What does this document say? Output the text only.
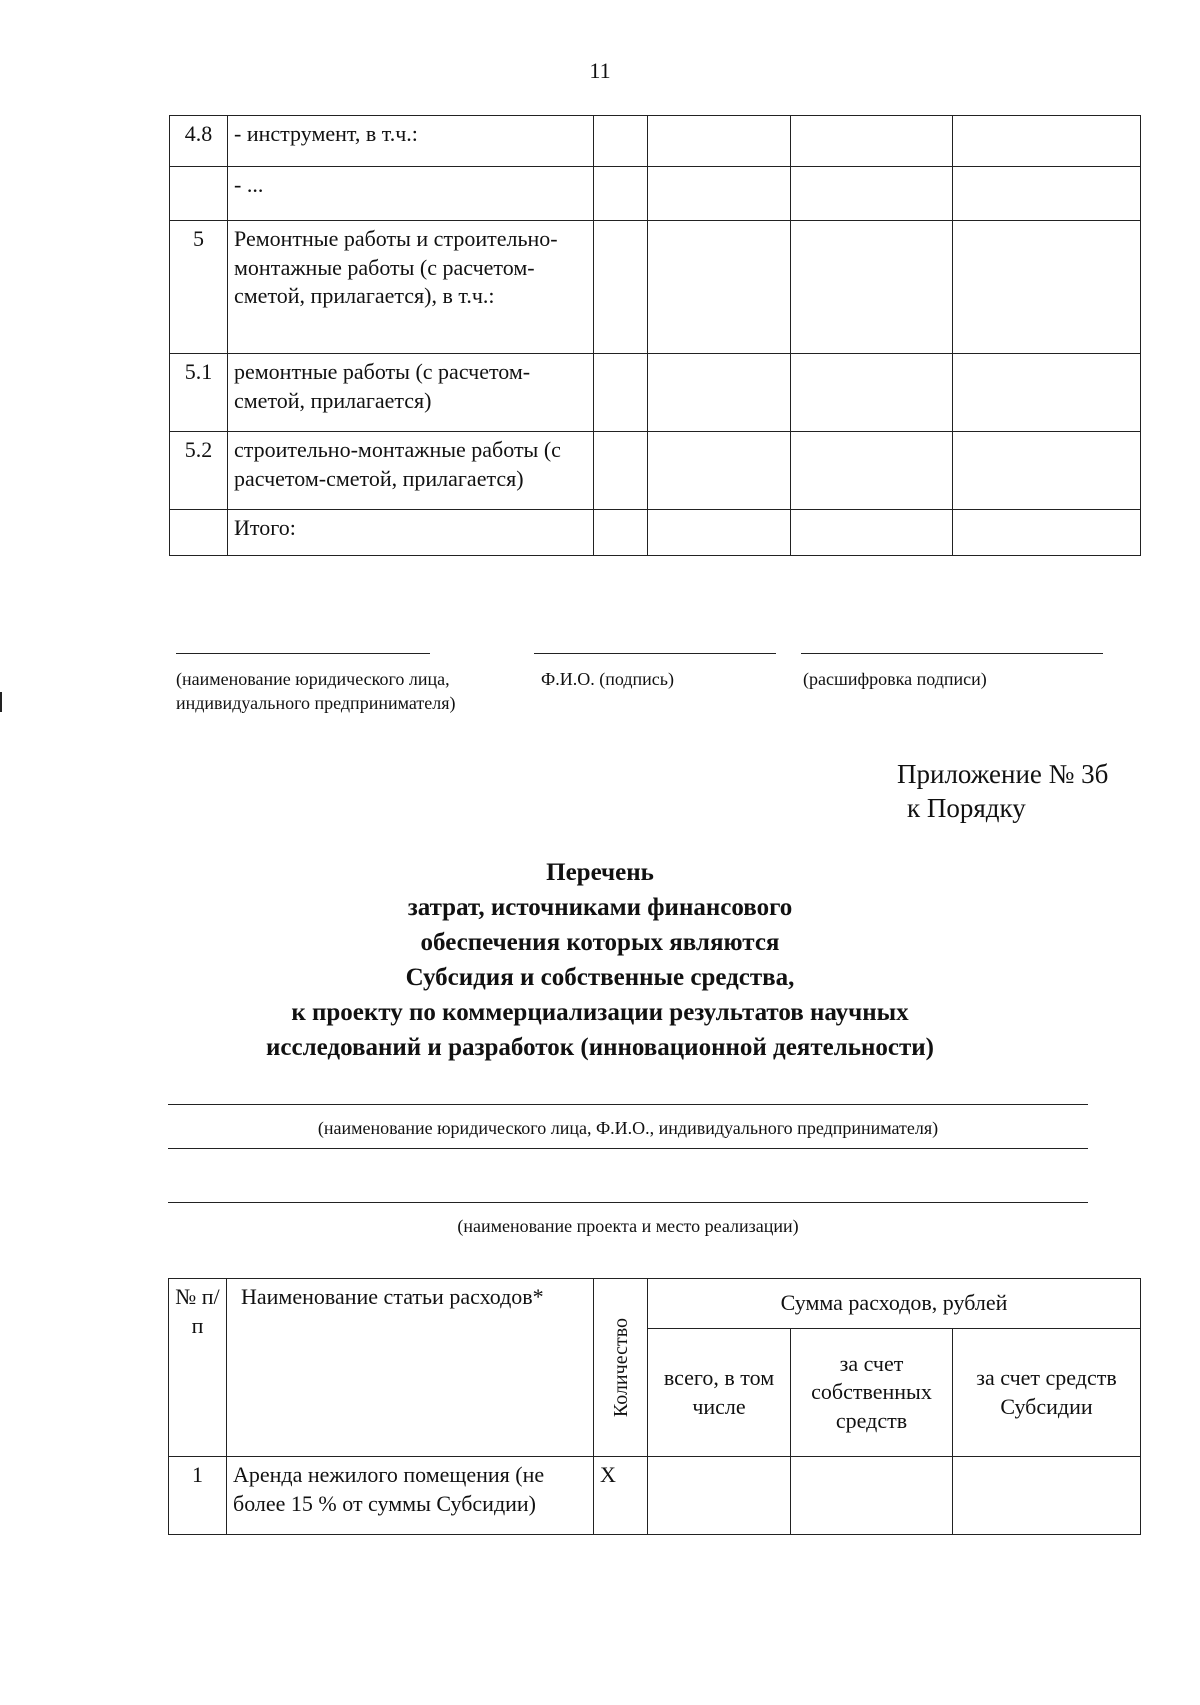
11
4.8	- инструмент, в т.ч.:				
	- ...				
5	Ремонтные работы и строительно-монтажные работы (с расчетом-сметой, прилагается), в т.ч.:				
5.1	ремонтные работы (с расчетом-сметой, прилагается)				
5.2	строительно-монтажные работы (с расчетом-сметой, прилагается)				
	Итого:				
(наименование юридического лица, индивидуального предпринимателя)
Ф.И.О. (подпись)	(расшифровка подписи)
Приложение № 3б
к Порядку
Перечень
затрат, источниками финансового
обеспечения которых являются
Субсидия и собственные средства,
к проекту по коммерциализации результатов научных
исследований и разработок (инновационной деятельности)
(наименование юридического лица, Ф.И.О., индивидуального предпринимателя)
(наименование проекта и место реализации)
№ п/п	Наименование статьи расходов*	Количество	Сумма расходов, рублей		
			всего, в том числе	за счет собственных средств	за счет средств Субсидии
1	Аренда нежилого помещения (не более 15 % от суммы Субсидии)	X			
